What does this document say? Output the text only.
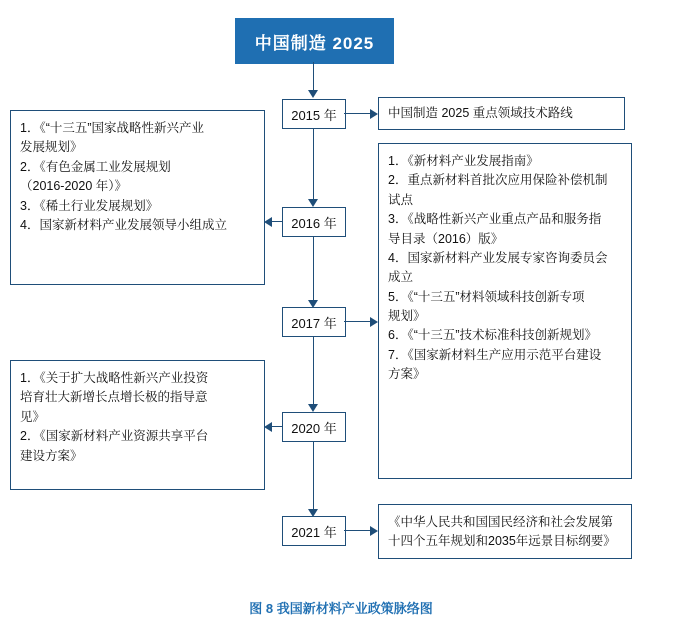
中国制造 2025
2015 年
2016 年
2017 年
2020 年
2021 年
中国制造 2025 重点领域技术路线
1．《“十三五”国家战略性新兴产业
发展规划》
2．《有色金属工业发展规划
（2016-2020 年）》
3．《稀土行业发展规划》
4．国家新材料产业发展领导小组成立
1．《新材料产业发展指南》
2．重点新材料首批次应用保险补偿机制
试点
3．《战略性新兴产业重点产品和服务指
导目录（2016）版》
4．国家新材料产业发展专家咨询委员会
成立
5．《“十三五”材料领域科技创新专项
规划》
6．《“十三五”技术标准科技创新规划》
7．《国家新材料生产应用示范平台建设
方案》
1．《关于扩大战略性新兴产业投资
培育壮大新增长点增长极的指导意
见》
2．《国家新材料产业资源共享平台
建设方案》
《中华人民共和国国民经济和社会发展第
十四个五年规划和2035年远景目标纲要》
图 8 我国新材料产业政策脉络图
